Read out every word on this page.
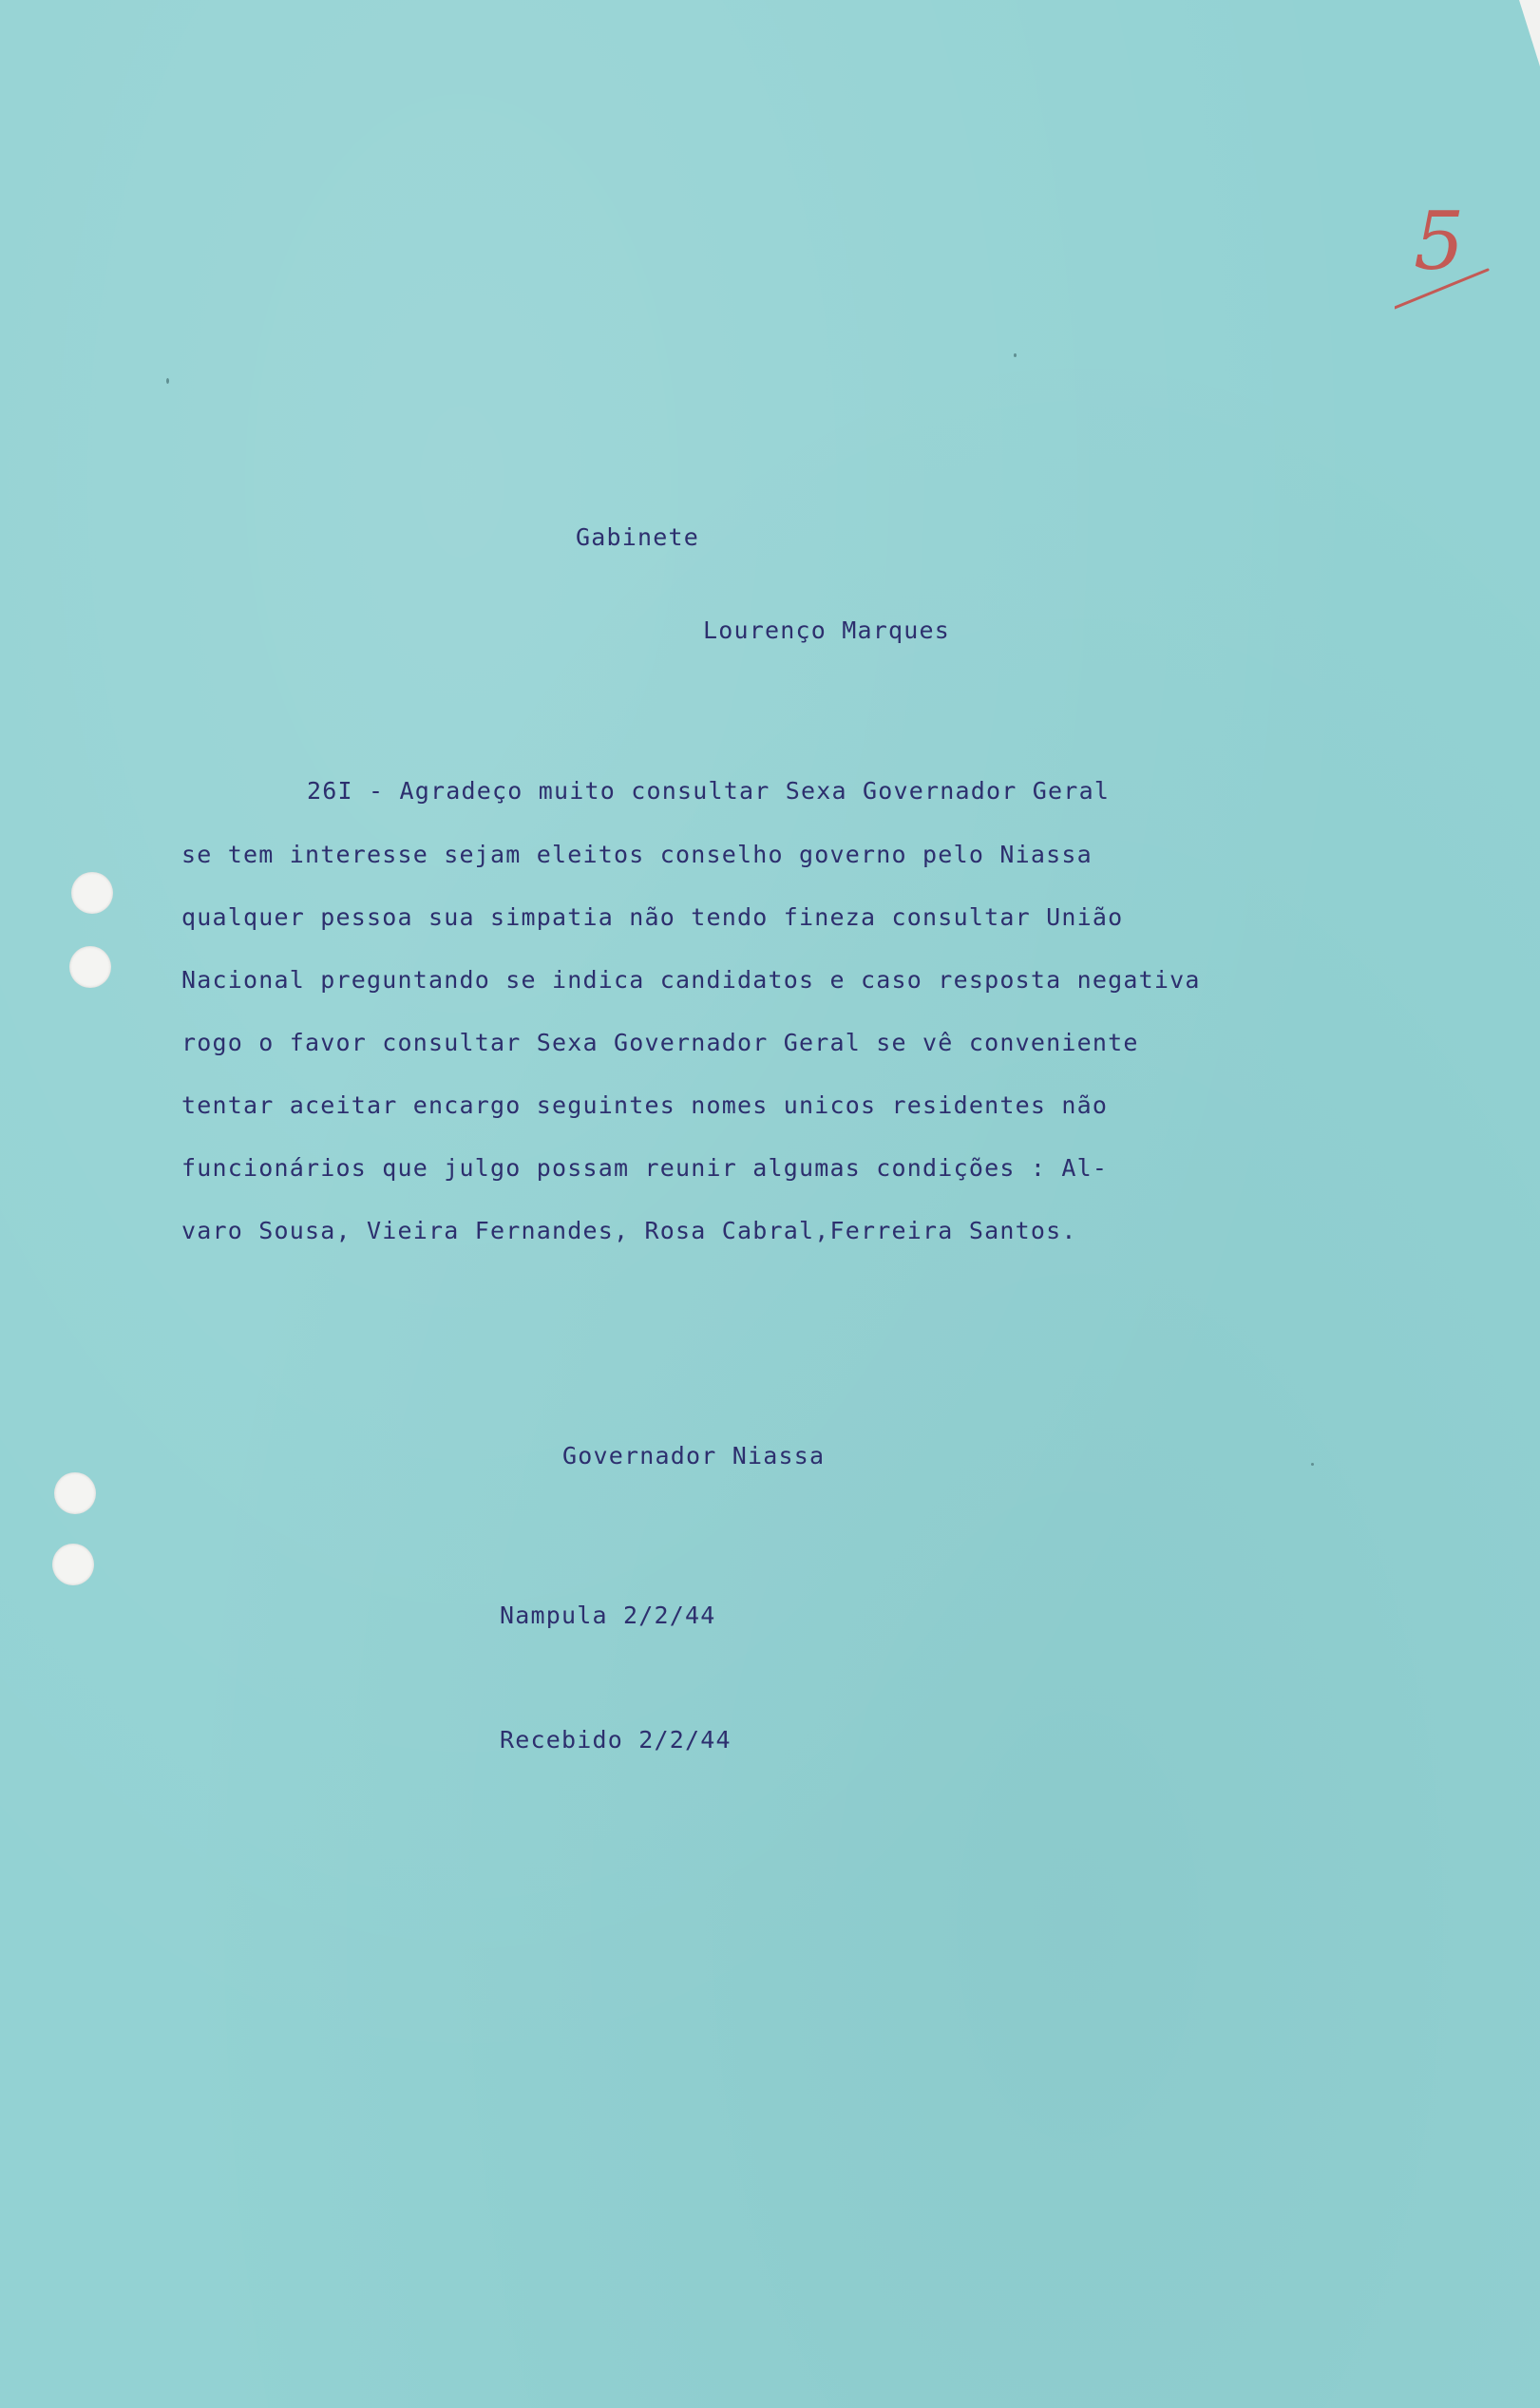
5
Gabinete
Lourenço Marques
26I - Agradeço muito consultar Sexa Governador Geral
se tem interesse sejam eleitos conselho governo pelo Niassa
qualquer pessoa sua simpatia não tendo fineza consultar União
Nacional preguntando se indica candidatos e caso resposta negativa
rogo o favor consultar Sexa Governador Geral se vê conveniente
tentar aceitar encargo seguintes nomes unicos residentes não
funcionários que julgo possam reunir algumas condições : Al-
varo Sousa, Vieira Fernandes, Rosa Cabral,Ferreira Santos.
Governador Niassa
Nampula 2/2/44
Recebido 2/2/44
